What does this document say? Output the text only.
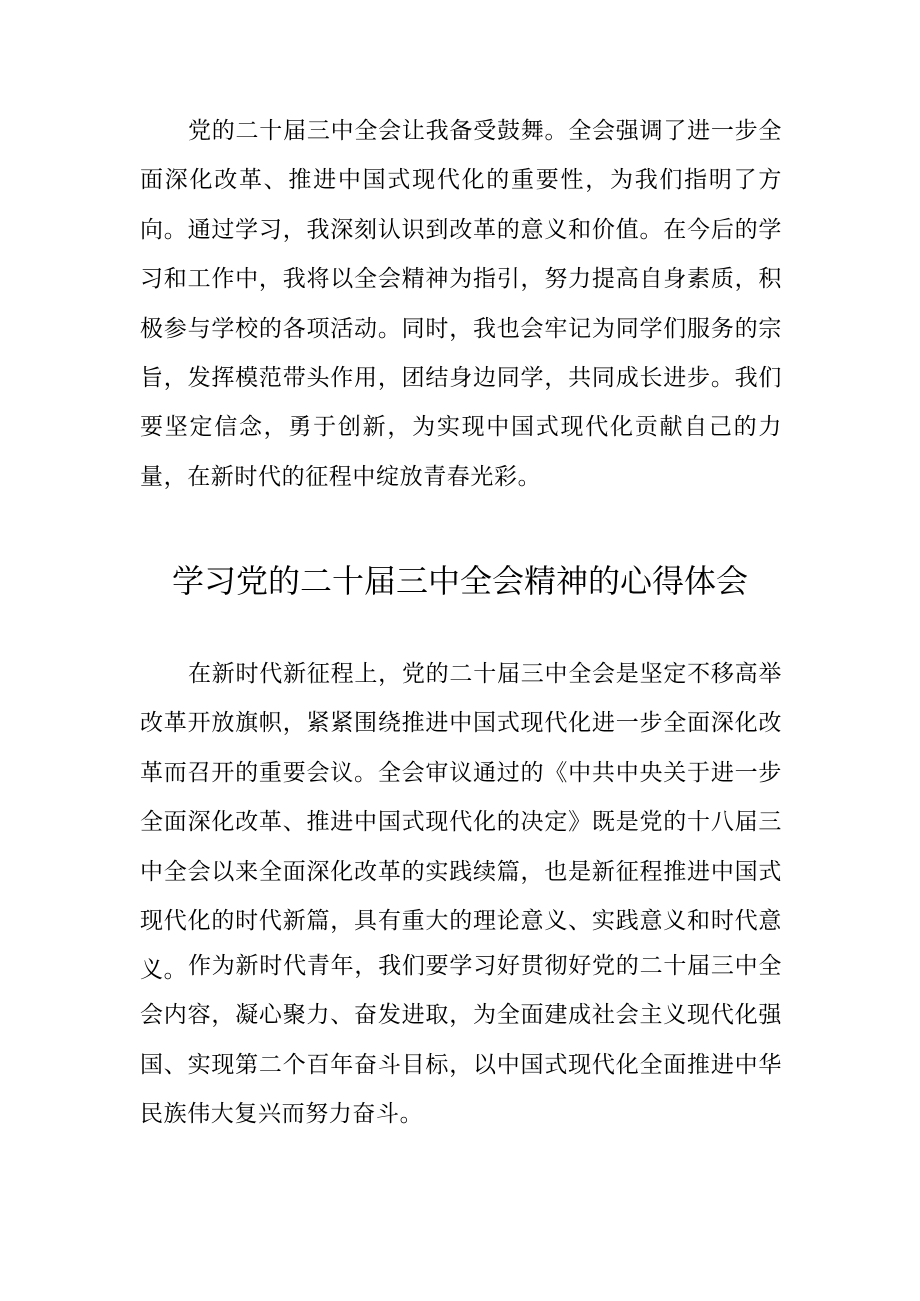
党的二十届三中全会让我备受鼓舞。全会强调了进一步全面深化改革、推进中国式现代化的重要性，为我们指明了方向。通过学习，我深刻认识到改革的意义和价值。在今后的学习和工作中，我将以全会精神为指引，努力提高自身素质，积极参与学校的各项活动。同时，我也会牢记为同学们服务的宗旨，发挥模范带头作用，团结身边同学，共同成长进步。我们要坚定信念，勇于创新，为实现中国式现代化贡献自己的力量，在新时代的征程中绽放青春光彩。

学习党的二十届三中全会精神的心得体会

在新时代新征程上，党的二十届三中全会是坚定不移高举改革开放旗帜，紧紧围绕推进中国式现代化进一步全面深化改革而召开的重要会议。全会审议通过的《中共中央关于进一步全面深化改革、推进中国式现代化的决定》既是党的十八届三中全会以来全面深化改革的实践续篇，也是新征程推进中国式现代化的时代新篇，具有重大的理论意义、实践意义和时代意义。 作为新时代青年，我们要学习好贯彻好党的二十届三中全会内容，凝心聚力、奋发进取，为全面建成社会主义现代化强国、实现第二个百年奋斗目标，以中国式现代化全面推进中华民族伟大复兴而努力奋斗。
